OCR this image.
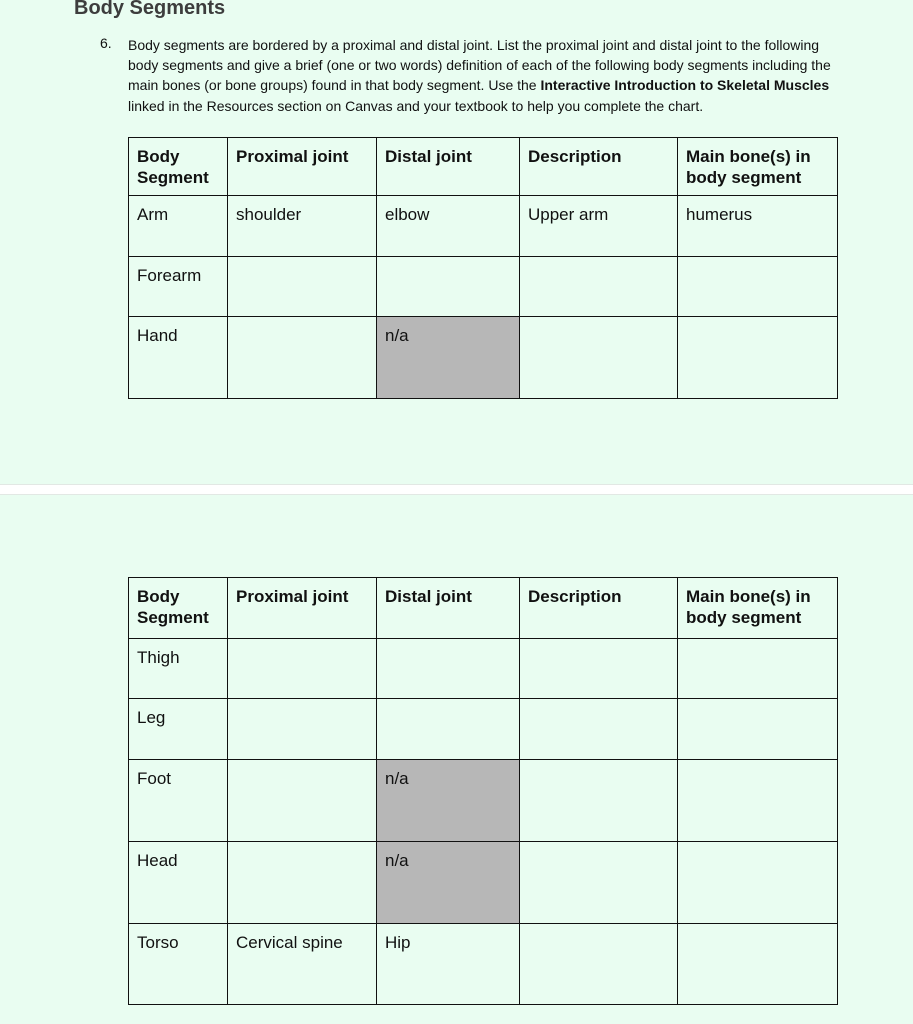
Body Segments
6. Body segments are bordered by a proximal and distal joint. List the proximal joint and distal joint to the following body segments and give a brief (one or two words) definition of each of the following body segments including the main bones (or bone groups) found in that body segment. Use the Interactive Introduction to Skeletal Muscles linked in the Resources section on Canvas and your textbook to help you complete the chart.
Body Segment	Proximal joint	Distal joint	Description	Main bone(s) in body segment
Arm	shoulder	elbow	Upper arm	humerus
Forearm				
Hand		n/a		
Body Segment	Proximal joint	Distal joint	Description	Main bone(s) in body segment
Thigh				
Leg				
Foot		n/a		
Head		n/a		
Torso	Cervical spine	Hip		
